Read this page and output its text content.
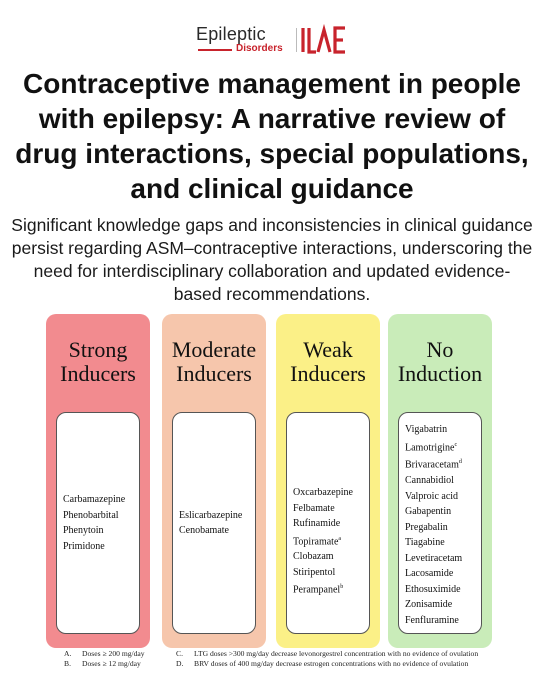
Epileptic
Disorders
ILAE
Contraceptive management in people with epilepsy: A narrative review of drug interactions, special populations, and clinical guidance
Significant knowledge gaps and inconsistencies in clinical guidance persist regarding ASM–contraceptive interactions, underscoring the need for interdisciplinary collaboration and updated evidence-based recommendations.
Strong
Inducers
Carbamazepine
Phenobarbital
Phenytoin
Primidone
Moderate
Inducers
Eslicarbazepine
Cenobamate
Weak
Inducers
Oxcarbazepine
Felbamate
Rufinamide
Topiramate$^a$
Clobazam
Stiripentol
Perampanel$^b$
No
Induction
Vigabatrin
Lamotrigine$^c$
Brivaracetam$^d$
Cannabidiol
Valproic acid
Gabapentin
Pregabalin
Tiagabine
Levetiracetam
Lacosamide
Ethosuximide
Zonisamide
Fenfluramine
A. Doses ≥ 200 mg/day
B. Doses ≥ 12 mg/day
C. LTG doses >300 mg/day decrease levonorgestrel concentration with no evidence of ovulation
D. BRV doses of 400 mg/day decrease estrogen concentrations with no evidence of ovulation
